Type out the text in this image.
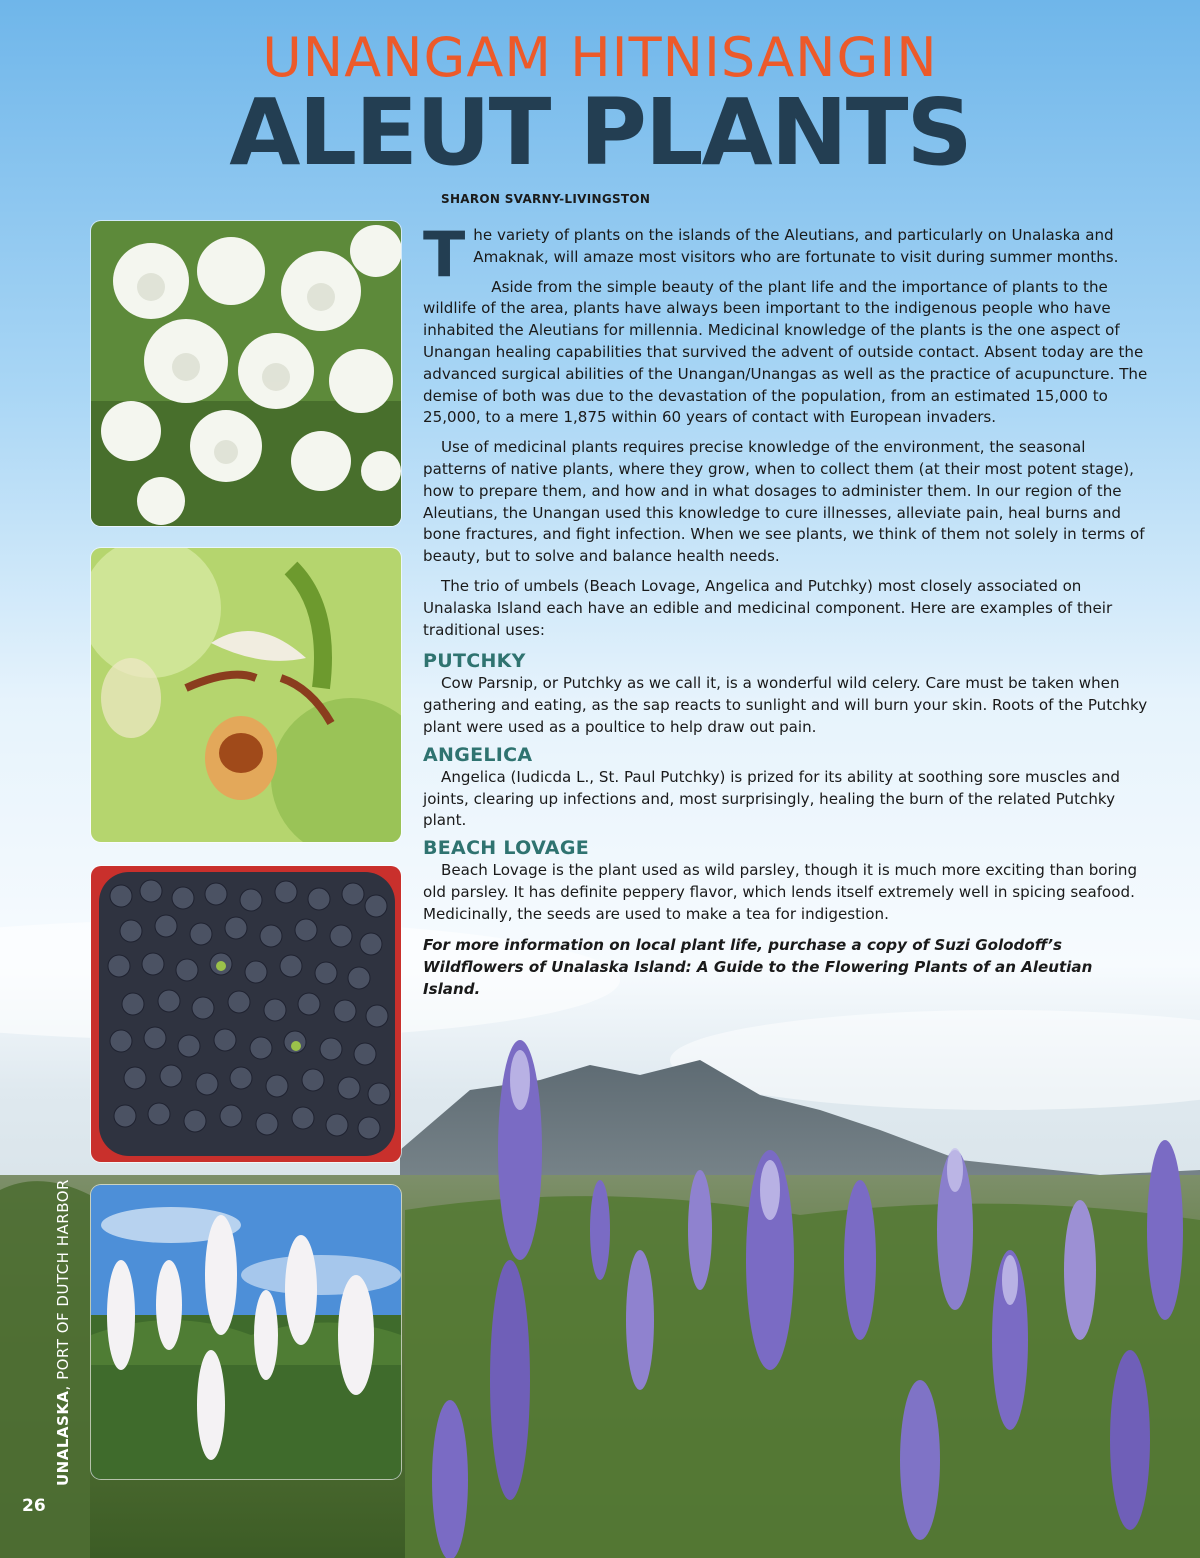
UNANGAM HITNISANGIN
ALEUT PLANTS
SHARON SVARNY-LIVINGSTON

The variety of plants on the islands of the Aleutians, and particularly on Unalaska and Amaknak, will amaze most visitors who are fortunate to visit during summer months.

Aside from the simple beauty of the plant life and the importance of plants to the wildlife of the area, plants have always been important to the indigenous people who have inhabited the Aleutians for millennia. Medicinal knowledge of the plants is the one aspect of Unangan healing capabilities that survived the advent of outside contact. Absent today are the advanced surgical abilities of the Unangan/Unangas as well as the practice of acupuncture. The demise of both was due to the devastation of the population, from an estimated 15,000 to 25,000, to a mere 1,875 within 60 years of contact with European invaders.

Use of medicinal plants requires precise knowledge of the environment, the seasonal patterns of native plants, where they grow, when to collect them (at their most potent stage), how to prepare them, and how and in what dosages to administer them. In our region of the Aleutians, the Unangan used this knowledge to cure illnesses, alleviate pain, heal burns and bone fractures, and fight infection. When we see plants, we think of them not solely in terms of beauty, but to solve and balance health needs.

The trio of umbels (Beach Lovage, Angelica and Putchky) most closely associated on Unalaska Island each have an edible and medicinal component. Here are examples of their traditional uses:

PUTCHKY

Cow Parsnip, or Putchky as we call it, is a wonderful wild celery. Care must be taken when gathering and eating, as the sap reacts to sunlight and will burn your skin. Roots of the Putchky plant were used as a poultice to help draw out pain.

ANGELICA

Angelica (Iudicda L., St. Paul Putchky) is prized for its ability at soothing sore muscles and joints, clearing up infections and, most surprisingly, healing the burn of the related Putchky plant.

BEACH LOVAGE

Beach Lovage is the plant used as wild parsley, though it is much more exciting than boring old parsley. It has definite peppery flavor, which lends itself extremely well in spicing seafood. Medicinally, the seeds are used to make a tea for indigestion.

For more information on local plant life, purchase a copy of Suzi Golodoff’s Wildflowers of Unalaska Island: A Guide to the Flowering Plants of an Aleutian Island.

UNALASKA, PORT OF DUTCH HARBOR
26
